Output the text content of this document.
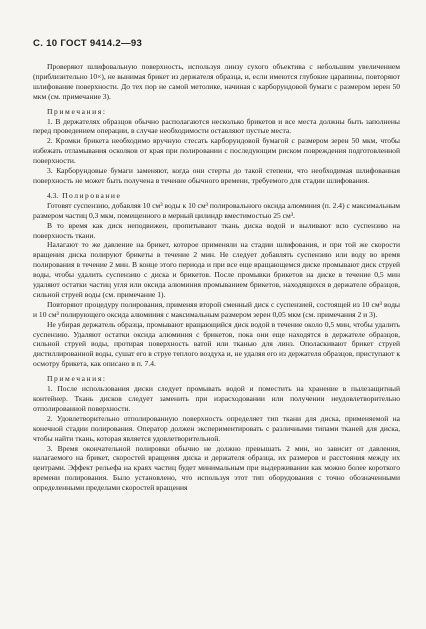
С. 10 ГОСТ 9414.2—93

Проверяют шлифовальную поверхность, используя линзу сухого объектива с небольшим увеличением (приблизительно 10×), не вынимая брикет из держателя образца, и, если имеются глубокие царапины, повторяют шлифование поверхности. До тех пор не самой метолике, начиная с карборундовой бумаги с размером зерен 50 мкм (см. примечание 3).

Примечания:

1. В держателях образцов обычно располагаются несколько брикетов и все места должны быть заполнены перед проведением операции, в случае необходимости оставляют пустые места.

2. Кромки брикета необходимо вручную стесать карборундовой бумагой с размером зерен 50 мкм, чтобы избежать отламывания осколков от края при полировании с последующим риском повреждения подготовленной поверхности.

3. Карборундовые бумаги заменяют, когда они стерты до такой степени, что необходимая шлифованная поверхность не может быть получена в течение обычного времени, требуемого для стадии шлифования.

4.3. Полирование

Готовят суспензию, добавляя 10 см³ воды к 10 см³ полировального оксида алюминия (п. 2.4) с максимальным размером частиц 0,3 мкм, помещенного в мерный цилиндр вместимостью 25 см³.

В то время как диск неподвижен, пропитывают ткань диска водой и выливают всю суспензию на поверхность ткани.

Налагают то же давление на брикет, которое применяли на стадии шлифования, и при той же скорости вращения диска полируют брикеты в течение 2 мин. Не следует добавлять суспензию или воду во время полирования в течение 2 мин. В конце этого периода и при все еще вращающемся диске промывают диск струей воды, чтобы удалить суспензию с диска и брикетов. После промывки брикетов на диске в течение 0,5 мин удаляют остатки частиц угля или оксида алюминия промыванием брикетов, находящихся в держателе образцов, сильной струей воды (см. примечание 1).

Повторяют процедуру полирования, применяя второй сменный диск с суспензией, состоящей из 10 см³ воды и 10 см³ полирующего оксида алюминия с максимальным размером зерен 0,05 мкм (см. примечания 2 и 3).

Не убирая держатель образца, промывают вращающийся диск водой в течение около 0,5 мин, чтобы удалить суспензию. Удаляют остатки оксида алюминия с брикетов, пока они еще находятся в держателе образцов, сильной струей воды, протирая поверхность ватой или тканью для линз. Ополаскивают брикет струей дистиллированной воды, сушат его в струе теплого воздуха и, не удаляя его из держателя образцов, приступают к осмотру брикета, как описано в п. 7.4.

Примечания:

1. После использования диски следует промывать водой и поместить на хранение в пылезащитный контейнер. Ткань дисков следует заменить при израсходовании или получении неудовлетворительно отполированной поверхности.

2. Удовлетворительно отполированную поверхность определяет тип ткани для диска, применяемой на конечной стадии полирования. Оператор должен экспериментировать с различными типами тканей для диска, чтобы найти ткань, которая является удовлетворительной.

3. Время окончательной полировки обычно не должно превышать 2 мин, но зависит от давления, налагаемого на брикет, скоростей вращения диска и держателя образца, их размеров и расстояния между их центрами. Эффект рельефа на краях частиц будет минимальным при выдерживании как можно более короткого времени полирования. Было установлено, что используя этот тип оборудования с точно обозначенными определенными пределами скоростей вращения
